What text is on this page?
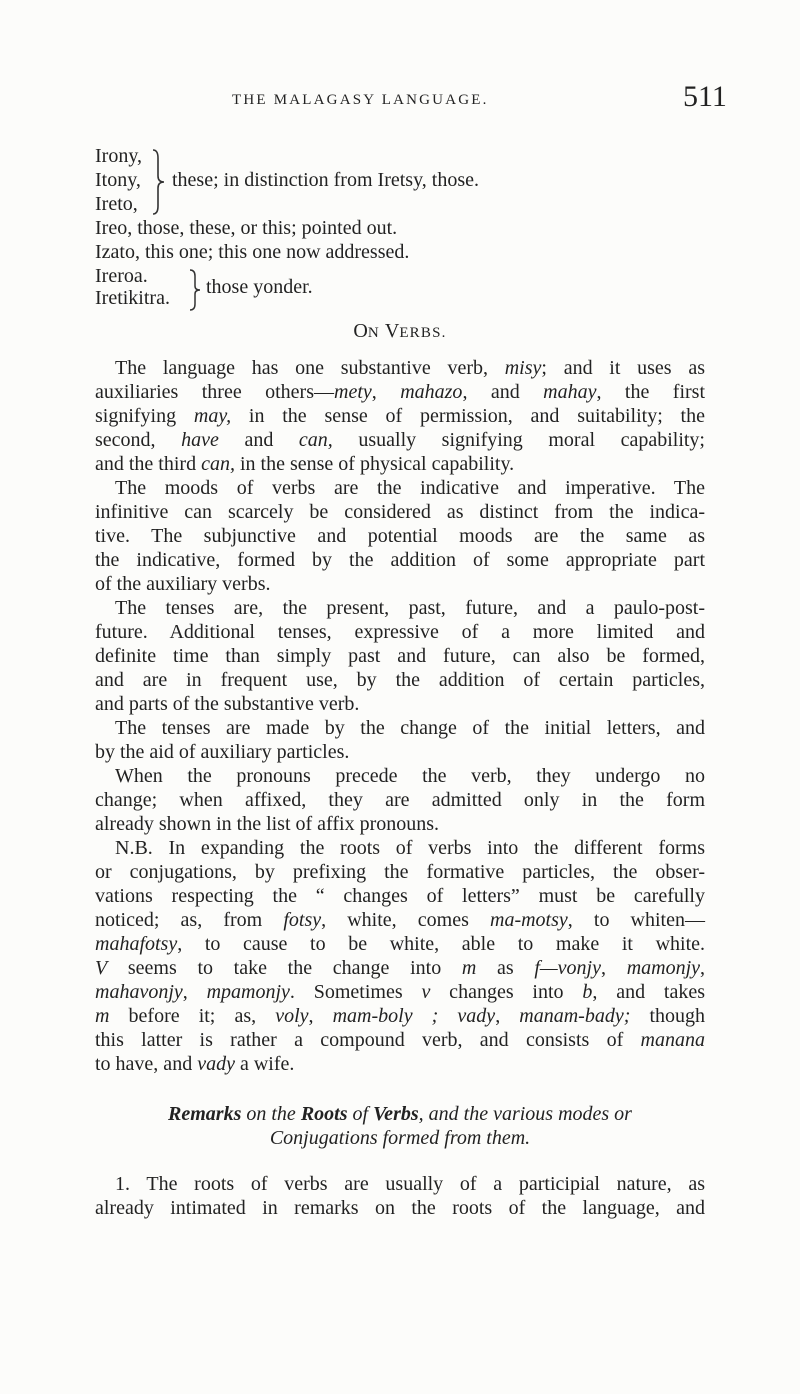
THE MALAGASY LANGUAGE.	511
Irony,
Itony,
Ireto,
these; in distinction from Iretsy, those.
Ireo, those, these, or this; pointed out.
Izato, this one; this one now addressed.
Ireroa.
Iretikitra.	those yonder.
ON VERBS.
The language has one substantive verb, misy; and it uses as
auxiliaries three others—mety, mahazo, and mahay, the first
signifying may, in the sense of permission, and suitability; the
second, have and can, usually signifying moral capability;
and the third can, in the sense of physical capability.
The moods of verbs are the indicative and imperative. The
infinitive can scarcely be considered as distinct from the indica-
tive. The subjunctive and potential moods are the same as
the indicative, formed by the addition of some appropriate part
of the auxiliary verbs.
The tenses are, the present, past, future, and a paulo-post-
future. Additional tenses, expressive of a more limited and
definite time than simply past and future, can also be formed,
and are in frequent use, by the addition of certain particles,
and parts of the substantive verb.
The tenses are made by the change of the initial letters, and
by the aid of auxiliary particles.
When the pronouns precede the verb, they undergo no
change; when affixed, they are admitted only in the form
already shown in the list of affix pronouns.
N.B. In expanding the roots of verbs into the different forms
or conjugations, by prefixing the formative particles, the obser-
vations respecting the “ changes of letters” must be carefully
noticed; as, from fotsy, white, comes ma-motsy, to whiten—
mahafotsy, to cause to be white, able to make it white.
V seems to take the change into m as f—vonjy, mamonjy,
mahavonjy, mpamonjy. Sometimes v changes into b, and takes
m before it; as, voly, mam-boly ; vady, manam-bady; though
this latter is rather a compound verb, and consists of manana
to have, and vady a wife.
Remarks on the Roots of Verbs, and the various modes or
Conjugations formed from them.
1. The roots of verbs are usually of a participial nature, as
already intimated in remarks on the roots of the language, and
